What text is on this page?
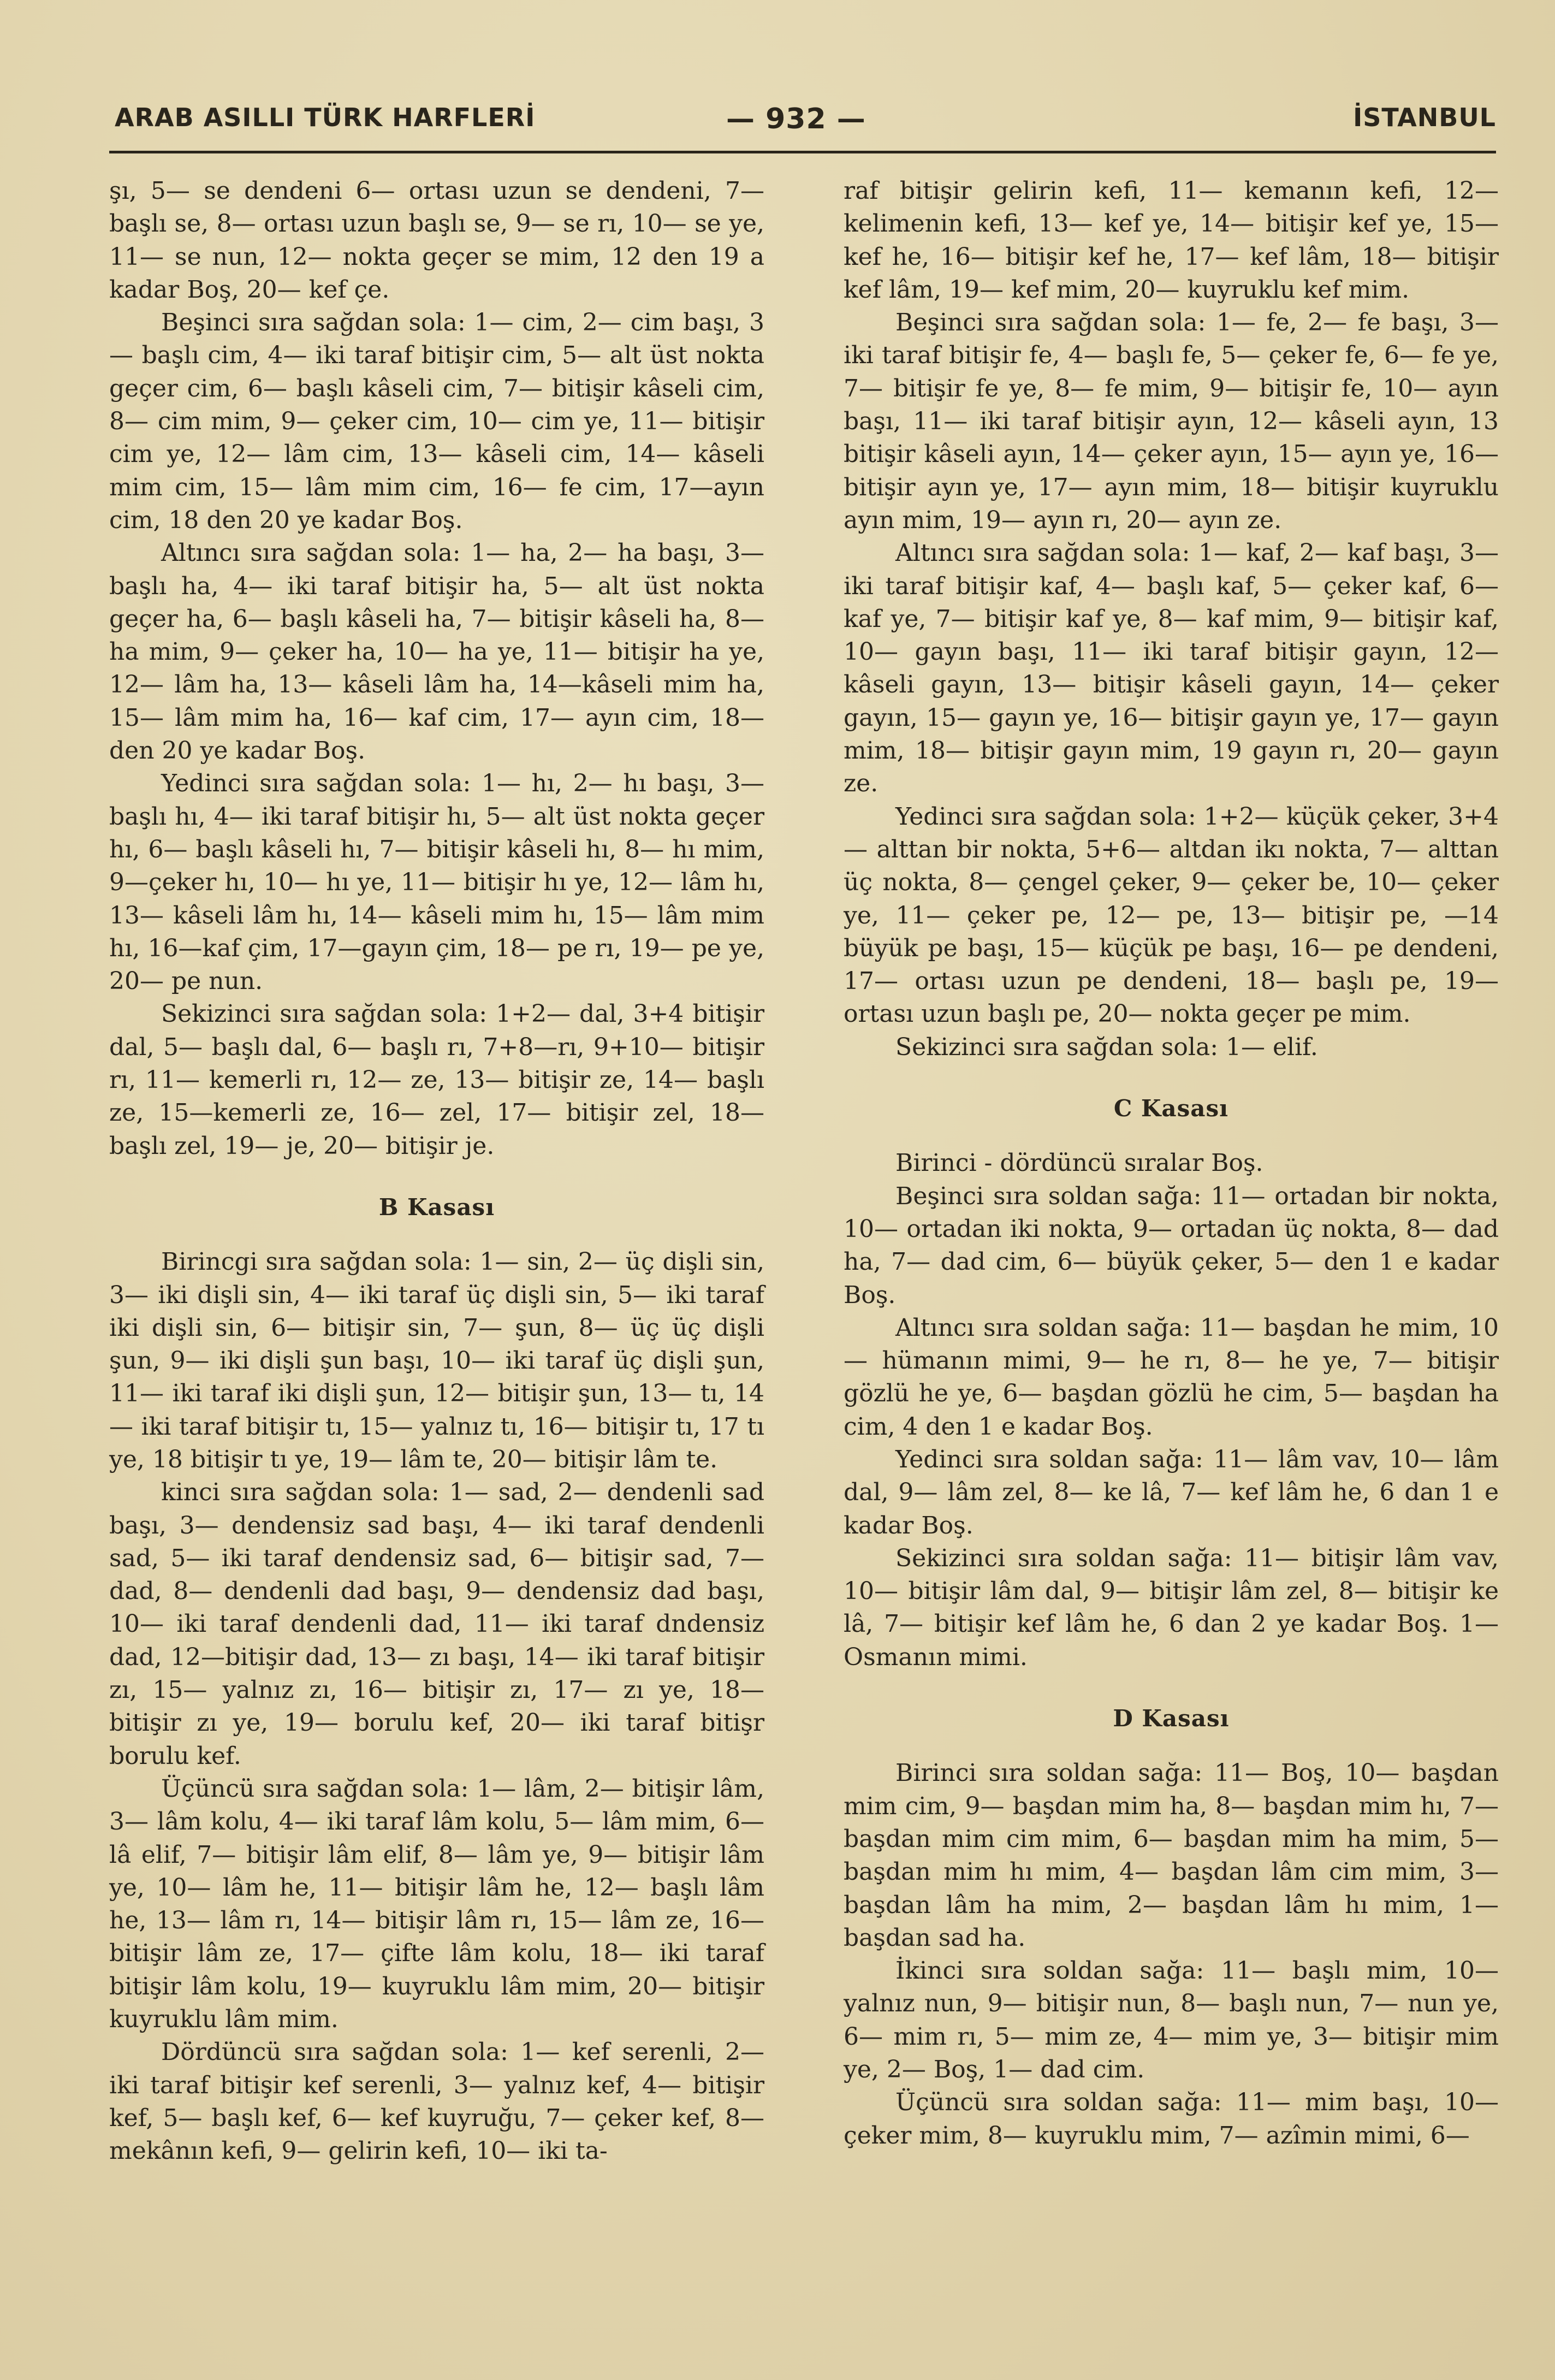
ARAB ASILLI TÜRK HARFLERİ	— 932 —	İSTANBUL

şı, 5— se dendeni 6— ortası uzun se dendeni, 7— başlı se, 8— ortası uzun başlı se, 9— se rı, 10— se ye, 11— se nun, 12— nokta geçer se mim, 12 den 19 a kadar Boş, 20— kef çe.

Beşinci sıra sağdan sola: 1— cim, 2— cim başı, 3— başlı cim, 4— iki taraf bitişir cim, 5— alt üst nokta geçer cim, 6— başlı kâseli cim, 7— bitişir kâseli cim, 8— cim mim, 9— çeker cim, 10— cim ye, 11— bitişir cim ye, 12— lâm cim, 13— kâseli cim, 14— kâseli mim cim, 15— lâm mim cim, 16— fe cim, 17—ayın cim, 18 den 20 ye kadar Boş.

Altıncı sıra sağdan sola: 1— ha, 2— ha başı, 3— başlı ha, 4— iki taraf bitişir ha, 5— alt üst nokta geçer ha, 6— başlı kâseli ha, 7— bitişir kâseli ha, 8— ha mim, 9— çeker ha, 10— ha ye, 11— bitişir ha ye, 12— lâm ha, 13— kâseli lâm ha, 14—kâseli mim ha, 15— lâm mim ha, 16— kaf cim, 17— ayın cim, 18— den 20 ye kadar Boş.

Yedinci sıra sağdan sola: 1— hı, 2— hı başı, 3— başlı hı, 4— iki taraf bitişir hı, 5— alt üst nokta geçer hı, 6— başlı kâseli hı, 7— bitişir kâseli hı, 8— hı mim, 9—çeker hı, 10— hı ye, 11— bitişir hı ye, 12— lâm hı, 13— kâseli lâm hı, 14— kâseli mim hı, 15— lâm mim hı, 16—kaf çim, 17—gayın çim, 18— pe rı, 19— pe ye, 20— pe nun.

Sekizinci sıra sağdan sola: 1+2— dal, 3+4 bitişir dal, 5— başlı dal, 6— başlı rı, 7+8—rı, 9+10— bitişir rı, 11— kemerli rı, 12— ze, 13— bitişir ze, 14— başlı ze, 15—kemerli ze, 16— zel, 17— bitişir zel, 18— başlı zel, 19— je, 20— bitişir je.

B Kasası

Birincgi sıra sağdan sola: 1— sin, 2— üç dişli sin, 3— iki dişli sin, 4— iki taraf üç dişli sin, 5— iki taraf iki dişli sin, 6— bitişir sin, 7— şun, 8— üç üç dişli şun, 9— iki dişli şun başı, 10— iki taraf üç dişli şun, 11— iki taraf iki dişli şun, 12— bitişir şun, 13— tı, 14— iki taraf bitişir tı, 15— yalnız tı, 16— bitişir tı, 17 tı ye, 18 bitişir tı ye, 19— lâm te, 20— bitişir lâm te.

kinci sıra sağdan sola: 1— sad, 2— dendenli sad başı, 3— dendensiz sad başı, 4— iki taraf dendenli sad, 5— iki taraf dendensiz sad, 6— bitişir sad, 7— dad, 8— dendenli dad başı, 9— dendensiz dad başı, 10— iki taraf dendenli dad, 11— iki taraf dndensiz dad, 12—bitişir dad, 13— zı başı, 14— iki taraf bitişir zı, 15— yalnız zı, 16— bitişir zı, 17— zı ye, 18— bitişir zı ye, 19— borulu kef, 20— iki taraf bitişr borulu kef.

Üçüncü sıra sağdan sola: 1— lâm, 2— bitişir lâm, 3— lâm kolu, 4— iki taraf lâm kolu, 5— lâm mim, 6— lâ elif, 7— bitişir lâm elif, 8— lâm ye, 9— bitişir lâm ye, 10— lâm he, 11— bitişir lâm he, 12— başlı lâm he, 13— lâm rı, 14— bitişir lâm rı, 15— lâm ze, 16— bitişir lâm ze, 17— çifte lâm kolu, 18— iki taraf bitişir lâm kolu, 19— kuyruklu lâm mim, 20— bitişir kuyruklu lâm mim.

Dördüncü sıra sağdan sola: 1— kef serenli, 2— iki taraf bitişir kef serenli, 3— yalnız kef, 4— bitişir kef, 5— başlı kef, 6— kef kuyruğu, 7— çeker kef, 8— mekânın kefi, 9— gelirin kefi, 10— iki ta-

raf bitişir gelirin kefi, 11— kemanın kefi, 12— kelimenin kefi, 13— kef ye, 14— bitişir kef ye, 15— kef he, 16— bitişir kef he, 17— kef lâm, 18— bitişir kef lâm, 19— kef mim, 20— kuyruklu kef mim.

Beşinci sıra sağdan sola: 1— fe, 2— fe başı, 3— iki taraf bitişir fe, 4— başlı fe, 5— çeker fe, 6— fe ye, 7— bitişir fe ye, 8— fe mim, 9— bitişir fe, 10— ayın başı, 11— iki taraf bitişir ayın, 12— kâseli ayın, 13 bitişir kâseli ayın, 14— çeker ayın, 15— ayın ye, 16— bitişir ayın ye, 17— ayın mim, 18— bitişir kuyruklu ayın mim, 19— ayın rı, 20— ayın ze.

Altıncı sıra sağdan sola: 1— kaf, 2— kaf başı, 3— iki taraf bitişir kaf, 4— başlı kaf, 5— çeker kaf, 6— kaf ye, 7— bitişir kaf ye, 8— kaf mim, 9— bitişir kaf, 10— gayın başı, 11— iki taraf bitişir gayın, 12— kâseli gayın, 13— bitişir kâseli gayın, 14— çeker gayın, 15— gayın ye, 16— bitişir gayın ye, 17— gayın mim, 18— bitişir gayın mim, 19 gayın rı, 20— gayın ze.

Yedinci sıra sağdan sola: 1+2— küçük çeker, 3+4— alttan bir nokta, 5+6— altdan ikı nokta, 7— alttan üç nokta, 8— çengel çeker, 9— çeker be, 10— çeker ye, 11— çeker pe, 12— pe, 13— bitişir pe, —14 büyük pe başı, 15— küçük pe başı, 16— pe dendeni, 17— ortası uzun pe dendeni, 18— başlı pe, 19— ortası uzun başlı pe, 20— nokta geçer pe mim.

Sekizinci sıra sağdan sola: 1— elif.

C Kasası

Birinci - dördüncü sıralar Boş.

Beşinci sıra soldan sağa: 11— ortadan bir nokta, 10— ortadan iki nokta, 9— ortadan üç nokta, 8— dad ha, 7— dad cim, 6— büyük çeker, 5— den 1 e kadar Boş.

Altıncı sıra soldan sağa: 11— başdan he mim, 10— hümanın mimi, 9— he rı, 8— he ye, 7— bitişir gözlü he ye, 6— başdan gözlü he cim, 5— başdan ha cim, 4 den 1 e kadar Boş.

Yedinci sıra soldan sağa: 11— lâm vav, 10— lâm dal, 9— lâm zel, 8— ke lâ, 7— kef lâm he, 6 dan 1 e kadar Boş.

Sekizinci sıra soldan sağa: 11— bitişir lâm vav, 10— bitişir lâm dal, 9— bitişir lâm zel, 8— bitişir ke lâ, 7— bitişir kef lâm he, 6 dan 2 ye kadar Boş. 1— Osmanın mimi.

D Kasası

Birinci sıra soldan sağa: 11— Boş, 10— başdan mim cim, 9— başdan mim ha, 8— başdan mim hı, 7— başdan mim cim mim, 6— başdan mim ha mim, 5— başdan mim hı mim, 4— başdan lâm cim mim, 3— başdan lâm ha mim, 2— başdan lâm hı mim, 1— başdan sad ha.

İkinci sıra soldan sağa: 11— başlı mim, 10— yalnız nun, 9— bitişir nun, 8— başlı nun, 7— nun ye, 6— mim rı, 5— mim ze, 4— mim ye, 3— bitişir mim ye, 2— Boş, 1— dad cim.

Üçüncü sıra soldan sağa: 11— mim başı, 10— çeker mim, 8— kuyruklu mim, 7— azîmin mimi, 6—
